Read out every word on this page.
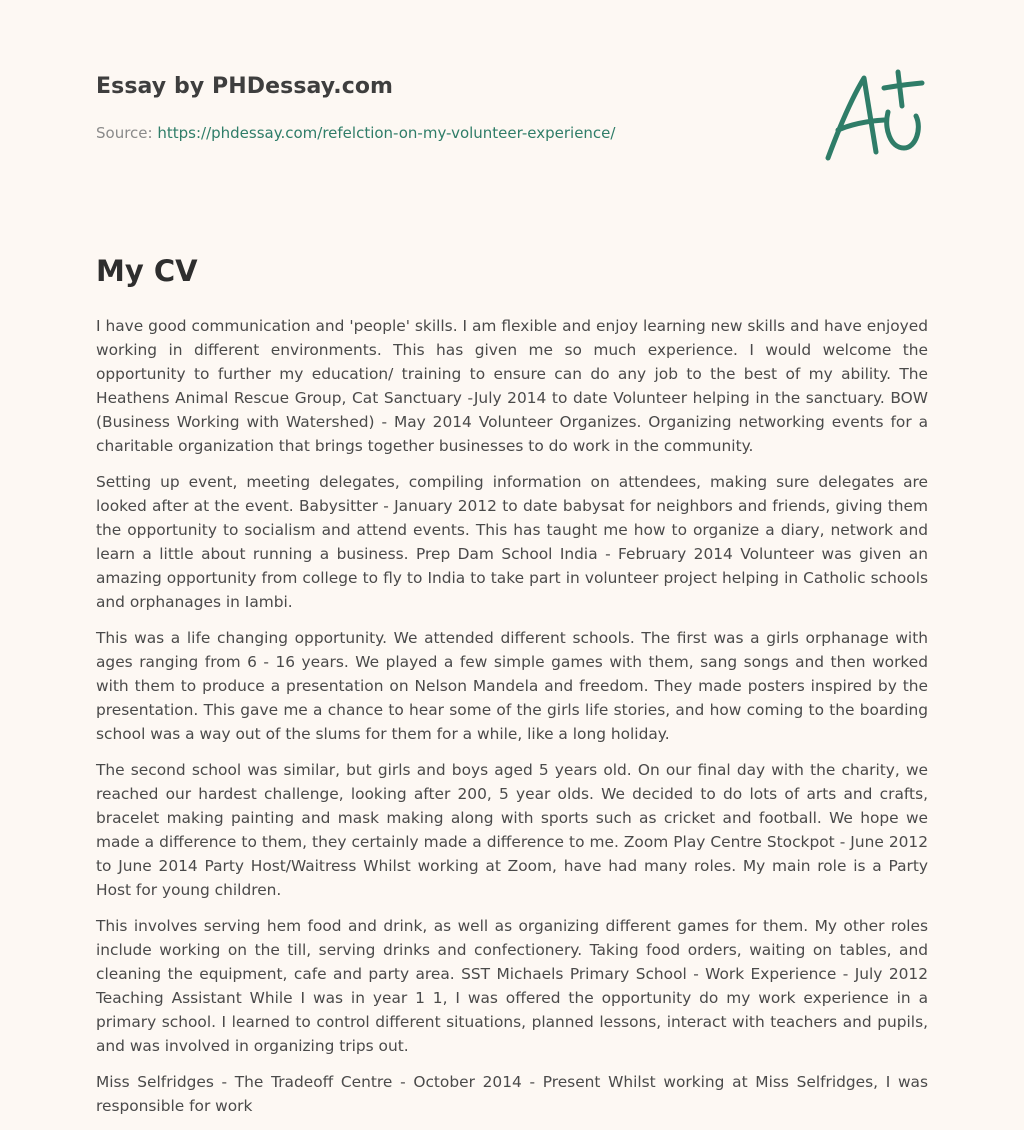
Essay by PHDessay.com
Source: https://phdessay.com/refelction-on-my-volunteer-experience/
My CV

I have good communication and 'people' skills. I am flexible and enjoy learning new skills and have enjoyed working in different environments. This has given me so much experience. I would welcome the opportunity to further my education/ training to ensure can do any job to the best of my ability. The Heathens Animal Rescue Group, Cat Sanctuary -July 2014 to date Volunteer helping in the sanctuary. BOW (Business Working with Watershed) - May 2014 Volunteer Organizes. Organizing networking events for a charitable organization that brings together businesses to do work in the community.

Setting up event, meeting delegates, compiling information on attendees, making sure delegates are looked after at the event. Babysitter - January 2012 to date babysat for neighbors and friends, giving them the opportunity to socialism and attend events. This has taught me how to organize a diary, network and learn a little about running a business. Prep Dam School India - February 2014 Volunteer was given an amazing opportunity from college to fly to India to take part in volunteer project helping in Catholic schools and orphanages in Iambi.

This was a life changing opportunity. We attended different schools. The first was a girls orphanage with ages ranging from 6 - 16 years. We played a few simple games with them, sang songs and then worked with them to produce a presentation on Nelson Mandela and freedom. They made posters inspired by the presentation. This gave me a chance to hear some of the girls life stories, and how coming to the boarding school was a way out of the slums for them for a while, like a long holiday.

The second school was similar, but girls and boys aged 5 years old. On our final day with the charity, we reached our hardest challenge, looking after 200, 5 year olds. We decided to do lots of arts and crafts, bracelet making painting and mask making along with sports such as cricket and football. We hope we made a difference to them, they certainly made a difference to me. Zoom Play Centre Stockpot - June 2012 to June 2014 Party Host/Waitress Whilst working at Zoom, have had many roles. My main role is a Party Host for young children.

This involves serving hem food and drink, as well as organizing different games for them. My other roles include working on the till, serving drinks and confectionery. Taking food orders, waiting on tables, and cleaning the equipment, cafe and party area. SST Michaels Primary School - Work Experience - July 2012 Teaching Assistant While I was in year 1 1, I was offered the opportunity do my work experience in a primary school. I learned to control different situations, planned lessons, interact with teachers and pupils, and was involved in organizing trips out.

Miss Selfridges - The Tradeoff Centre - October 2014 - Present Whilst working at Miss Selfridges, I was responsible for work
